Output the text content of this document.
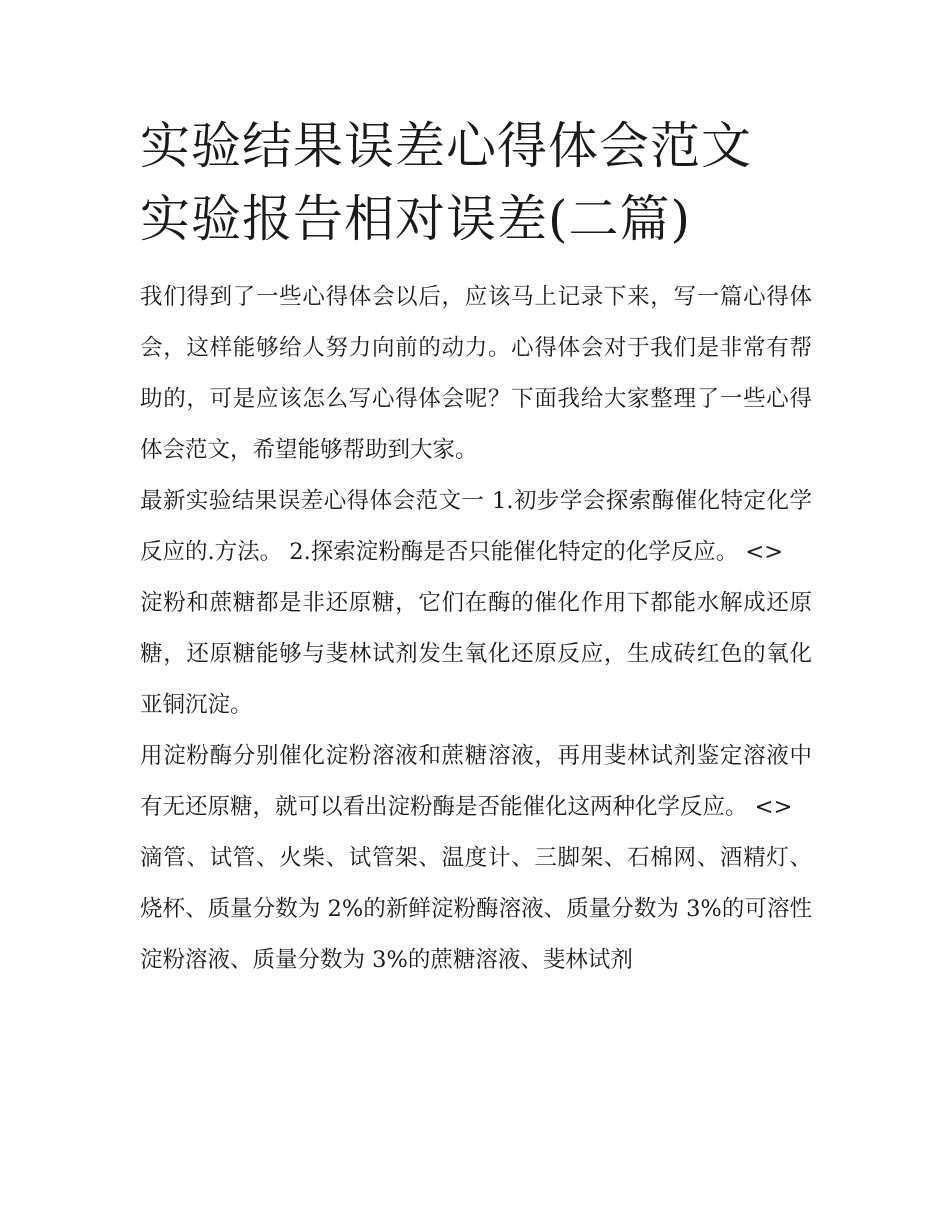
实验结果误差心得体会范文 实验报告相对误差(二篇)

我们得到了一些心得体会以后，应该马上记录下来，写一篇心得体会，这样能够给人努力向前的动力。心得体会对于我们是非常有帮助的，可是应该怎么写心得体会呢？下面我给大家整理了一些心得体会范文，希望能够帮助到大家。

最新实验结果误差心得体会范文一 1.初步学会探索酶催化特定化学反应的.方法。 2.探索淀粉酶是否只能催化特定的化学反应。 <>

淀粉和蔗糖都是非还原糖，它们在酶的催化作用下都能水解成还原糖，还原糖能够与斐林试剂发生氧化还原反应，生成砖红色的氧化亚铜沉淀。

用淀粉酶分别催化淀粉溶液和蔗糖溶液，再用斐林试剂鉴定溶液中有无还原糖，就可以看出淀粉酶是否能催化这两种化学反应。 <>

滴管、试管、火柴、试管架、温度计、三脚架、石棉网、酒精灯、烧杯、质量分数为 2%的新鲜淀粉酶溶液、质量分数为 3%的可溶性淀粉溶液、质量分数为 3%的蔗糖溶液、斐林试剂
